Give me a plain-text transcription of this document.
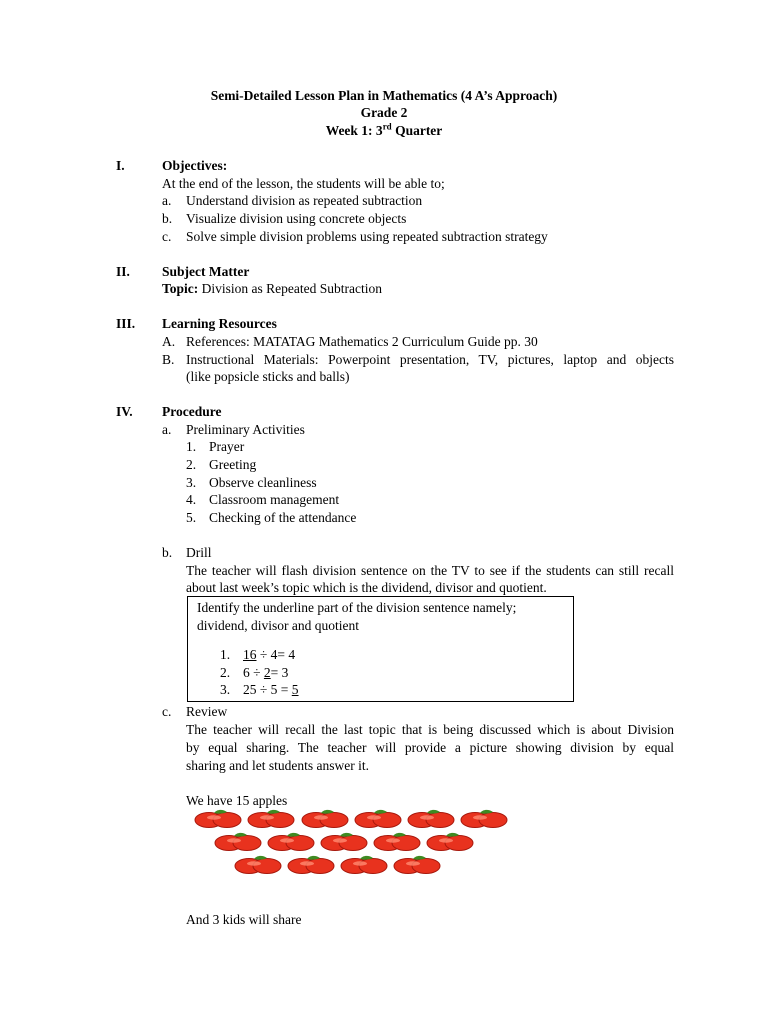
Semi-Detailed Lesson Plan in Mathematics (4 A’s Approach)
Grade 2
Week 1: 3rd Quarter
I.	Objectives:
At the end of the lesson, the students will be able to;
a. Understand division as repeated subtraction
b. Visualize division using concrete objects
c. Solve simple division problems using repeated subtraction strategy
II. Subject Matter
Topic: Division as Repeated Subtraction
III. Learning Resources
A. References: MATATAG Mathematics 2 Curriculum Guide pp. 30
B. Instructional Materials: Powerpoint presentation, TV, pictures, laptop and objects
(like popsicle sticks and balls)
IV. Procedure
a. Preliminary Activities
1. Prayer
2. Greeting
3. Observe cleanliness
4. Classroom management
5. Checking of the attendance
b. Drill
The teacher will flash division sentence on the TV to see if the students can still recall
about last week’s topic which is the dividend, divisor and quotient.
Identify the underline part of the division sentence namely;
dividend, divisor and quotient
1. 16 ÷ 4= 4
2. 6 ÷ 2= 3
3. 25 ÷ 5 = 5
c. Review
The teacher will recall the last topic that is being discussed which is about Division
by equal sharing. The teacher will provide a picture showing division by equal
sharing and let students answer it.
We have 15 apples
And 3 kids will share
